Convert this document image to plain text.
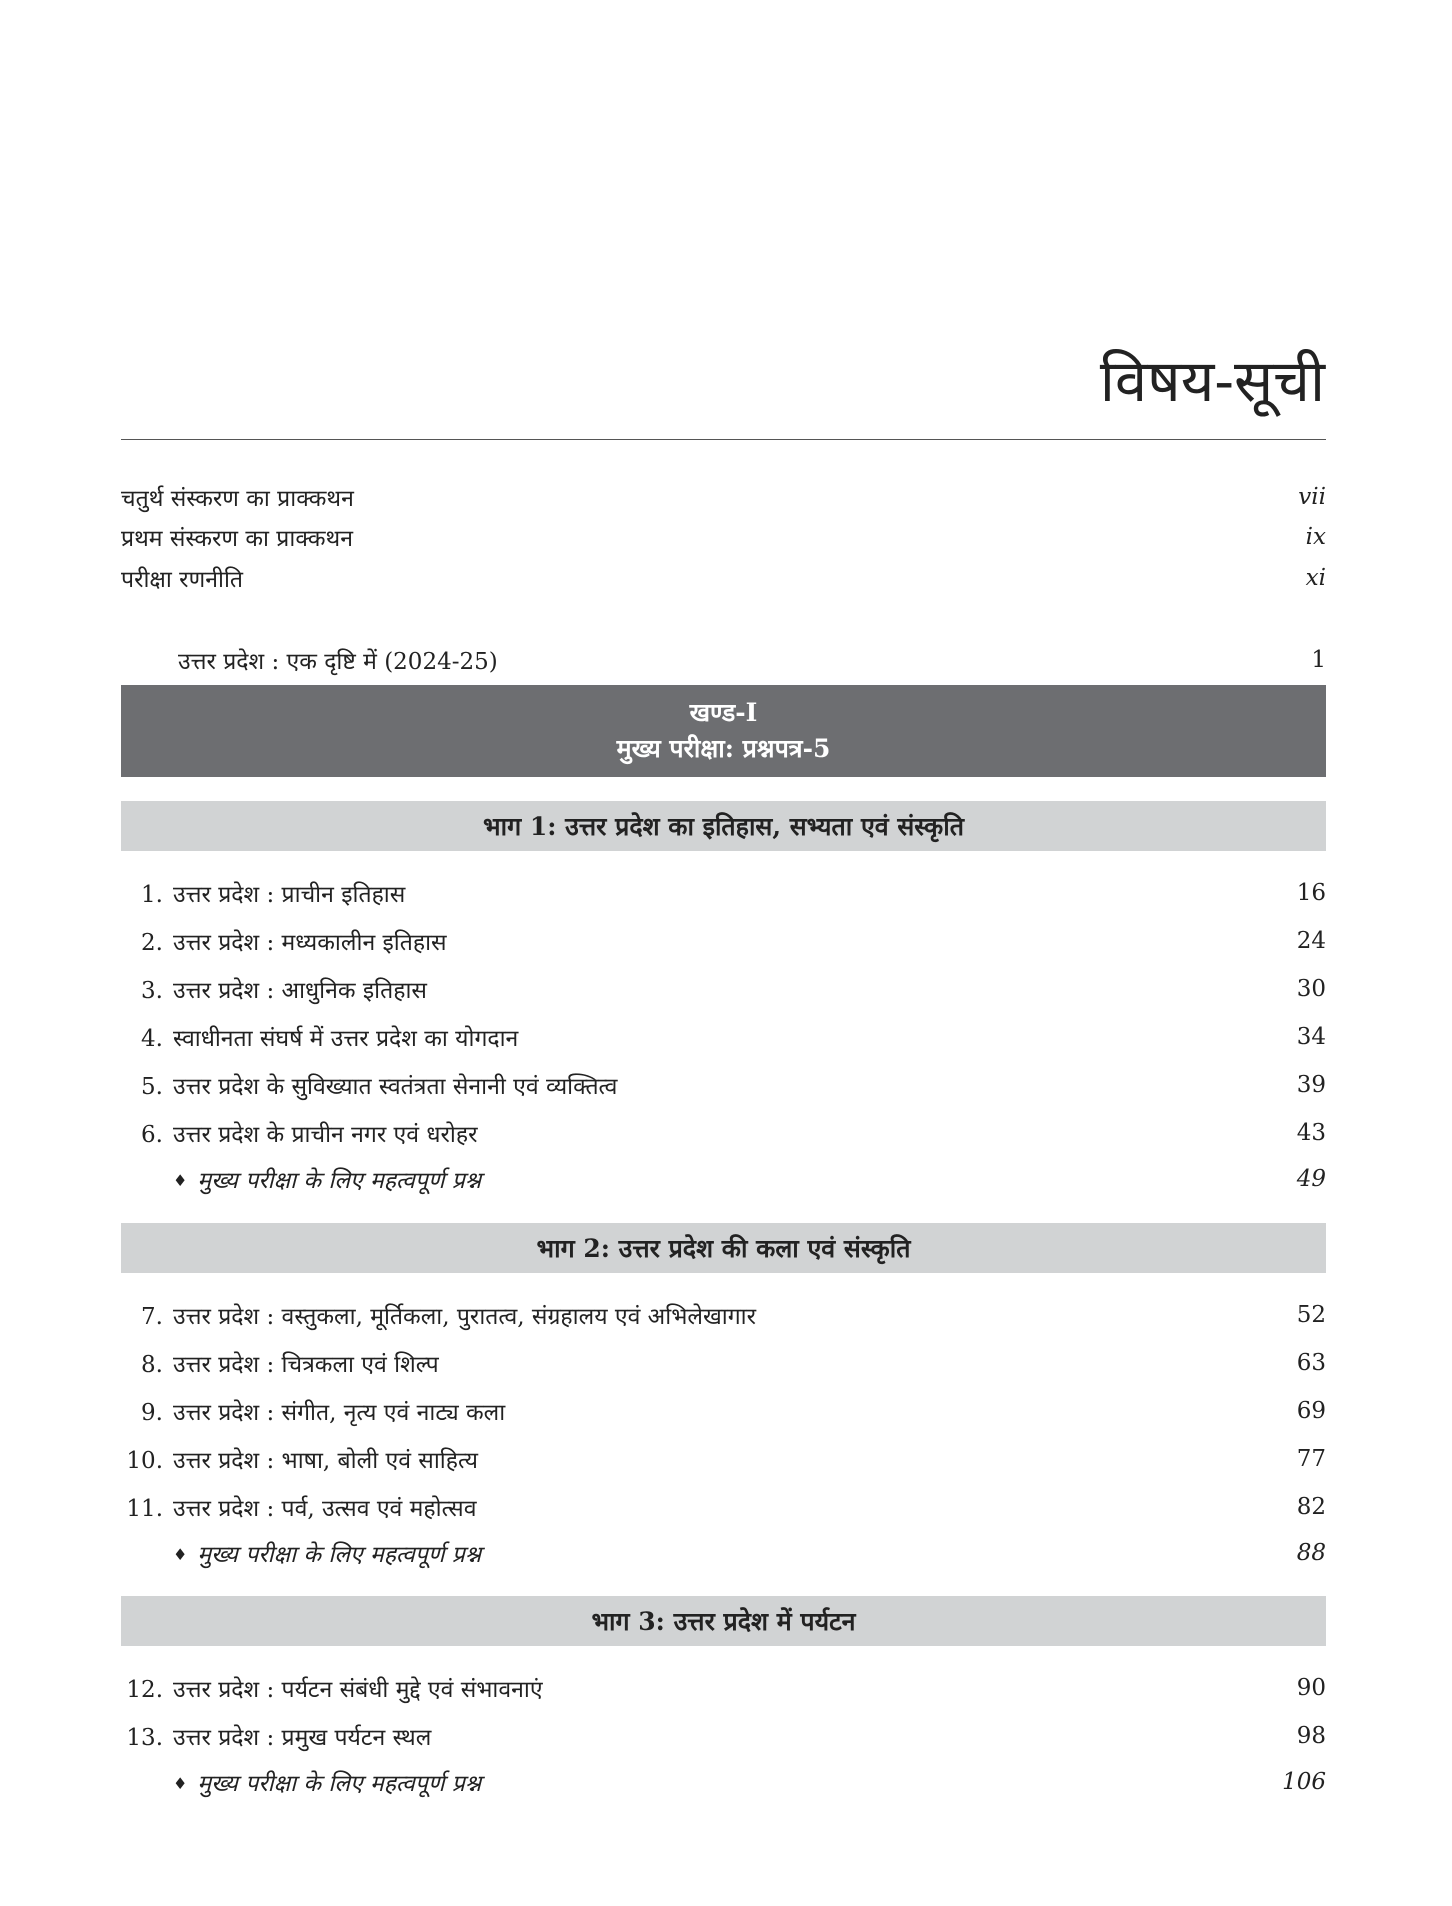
विषय-सूची
चतुर्थ संस्करण का प्राक्कथन	vii
प्रथम संस्करण का प्राक्कथन	ix
परीक्षा रणनीति	xi
उत्तर प्रदेश : एक दृष्टि में (2024-25)	1
खण्ड-I
मुख्य परीक्षा: प्रश्नपत्र-5
भाग 1: उत्तर प्रदेश का इतिहास, सभ्यता एवं संस्कृति
1. उत्तर प्रदेश : प्राचीन इतिहास	16
2. उत्तर प्रदेश : मध्यकालीन इतिहास	24
3. उत्तर प्रदेश : आधुनिक इतिहास	30
4. स्वाधीनता संघर्ष में उत्तर प्रदेश का योगदान	34
5. उत्तर प्रदेश के सुविख्यात स्वतंत्रता सेनानी एवं व्यक्तित्व	39
6. उत्तर प्रदेश के प्राचीन नगर एवं धरोहर	43
♦ मुख्य परीक्षा के लिए महत्वपूर्ण प्रश्न	49
भाग 2: उत्तर प्रदेश की कला एवं संस्कृति
7. उत्तर प्रदेश : वस्तुकला, मूर्तिकला, पुरातत्व, संग्रहालय एवं अभिलेखागार	52
8. उत्तर प्रदेश : चित्रकला एवं शिल्प	63
9. उत्तर प्रदेश : संगीत, नृत्य एवं नाट्य कला	69
10. उत्तर प्रदेश : भाषा, बोली एवं साहित्य	77
11. उत्तर प्रदेश : पर्व, उत्सव एवं महोत्सव	82
♦ मुख्य परीक्षा के लिए महत्वपूर्ण प्रश्न	88
भाग 3: उत्तर प्रदेश में पर्यटन
12. उत्तर प्रदेश : पर्यटन संबंधी मुद्दे एवं संभावनाएं	90
13. उत्तर प्रदेश : प्रमुख पर्यटन स्थल	98
♦ मुख्य परीक्षा के लिए महत्वपूर्ण प्रश्न	106
